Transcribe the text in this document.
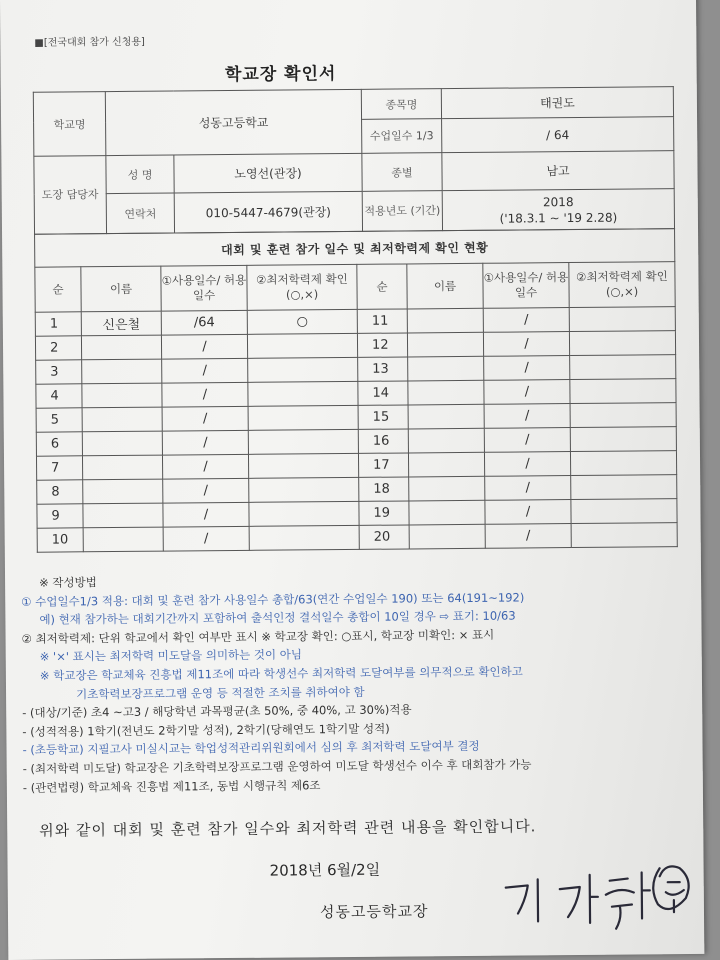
■[전국대회 참가 신청용]
학교장 확인서
학교명	성동고등학교		종목명	태권도
			수업일수 1/3	/ 64
도장 담당자	성 명	노영선(관장)	종별	남고
	연락처	010-5447-4679(관장)	적용년도 (기간)	2018
('18.3.1 ~ '19 2.28)
대회 및 훈련 참가 일수 및 최저학력제 확인 현황							
순	이름	①사용일수/ 허용일수	②최저학력제 확인(○,×)	순	이름	①사용일수/ 허용일수	②최저학력제 확인(○,×)
1	신은철	/64	○	11		/	
2		/		12		/	
3		/		13		/	
4		/		14		/	
5		/		15		/	
6		/		16		/	
7		/		17		/	
8		/		18		/	
9		/		19		/	
10		/		20		/	
※ 작성방법
① 수업일수1/3 적용: 대회 및 훈련 참가 사용일수 총합/63(연간 수업일수 190) 또는 64(191~192)
예) 현재 참가하는 대회기간까지 포함하여 출석인정 결석일수 총합이 10일 경우 ⇨ 표기: 10/63
② 최저학력제: 단위 학교에서 확인 여부만 표시 ※ 학교장 확인: ○표시, 학교장 미확인: × 표시
※ '×' 표시는 최저학력 미도달을 의미하는 것이 아님
※ 학교장은 학교체육 진흥법 제11조에 따라 학생선수 최저학력 도달여부를 의무적으로 확인하고
기초학력보장프로그램 운영 등 적절한 조치를 취하여야 함
- (대상/기준) 초4 ~고3 / 해당학년 과목평균(초 50%, 중 40%, 고 30%)적용
- (성적적용) 1학기(전년도 2학기말 성적), 2학기(당해연도 1학기말 성적)
- (초등학교) 지필고사 미실시교는 학업성적관리위원회에서 심의 후 최저학력 도달여부 결정
- (최저학력 미도달) 학교장은 기초학력보장프로그램 운영하여 미도달 학생선수 이수 후 대회참가 가능
- (관련법령) 학교체육 진흥법 제11조, 동법 시행규칙 제6조
위와 같이 대회 및 훈련 참가 일수와 최저학력 관련 내용을 확인합니다.
2018년 6월/2일
성동고등학교장
